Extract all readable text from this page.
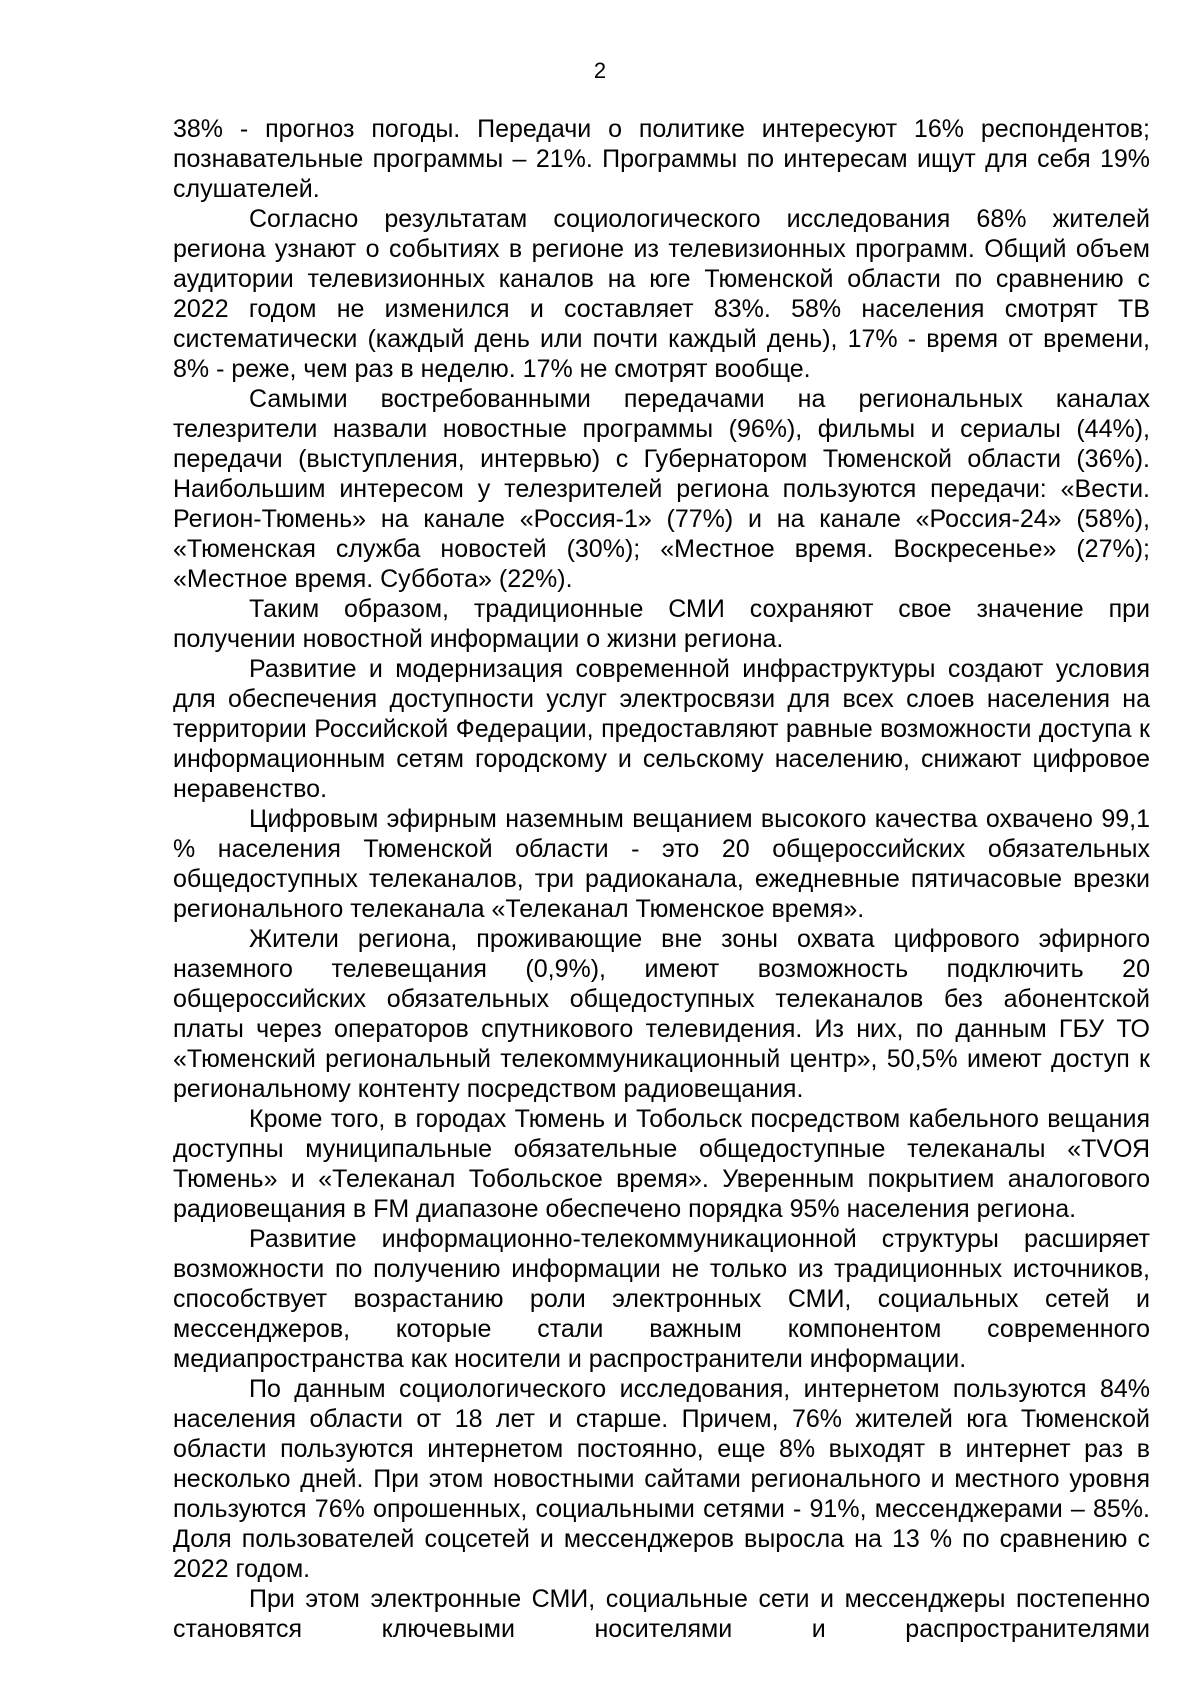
2

38% - прогноз погоды. Передачи о политике интересуют 16% респондентов; познавательные программы – 21%. Программы по интересам ищут для себя 19% слушателей.

Согласно результатам социологического исследования 68% жителей региона узнают о событиях в регионе из телевизионных программ. Общий объем аудитории телевизионных каналов на юге Тюменской области по сравнению с 2022 годом не изменился и составляет 83%. 58% населения смотрят ТВ систематически (каждый день или почти каждый день), 17% - время от времени, 8% - реже, чем раз в неделю. 17% не смотрят вообще.

Самыми востребованными передачами на региональных каналах телезрители назвали новостные программы (96%), фильмы и сериалы (44%), передачи (выступления, интервью) с Губернатором Тюменской области (36%). Наибольшим интересом у телезрителей региона пользуются передачи: «Вести. Регион-Тюмень» на канале «Россия-1» (77%) и на канале «Россия-24» (58%), «Тюменская служба новостей (30%); «Местное время. Воскресенье» (27%); «Местное время. Суббота» (22%).

Таким образом, традиционные СМИ сохраняют свое значение при получении новостной информации о жизни региона.

Развитие и модернизация современной инфраструктуры создают условия для обеспечения доступности услуг электросвязи для всех слоев населения на территории Российской Федерации, предоставляют равные возможности доступа к информационным сетям городскому и сельскому населению, снижают цифровое неравенство.

Цифровым эфирным наземным вещанием высокого качества охвачено 99,1 % населения Тюменской области - это 20 общероссийских обязательных общедоступных телеканалов, три радиоканала, ежедневные пятичасовые врезки регионального телеканала «Телеканал Тюменское время».

Жители региона, проживающие вне зоны охвата цифрового эфирного наземного телевещания (0,9%), имеют возможность подключить 20 общероссийских обязательных общедоступных телеканалов без абонентской платы через операторов спутникового телевидения. Из них, по данным ГБУ ТО «Тюменский региональный телекоммуникационный центр», 50,5% имеют доступ к региональному контенту посредством радиовещания.

Кроме того, в городах Тюмень и Тобольск посредством кабельного вещания доступны муниципальные обязательные общедоступные телеканалы «TVОЯ Тюмень» и «Телеканал Тобольское время». Уверенным покрытием аналогового радиовещания в FM диапазоне обеспечено порядка 95% населения региона.

Развитие информационно-телекоммуникационной структуры расширяет возможности по получению информации не только из традиционных источников, способствует возрастанию роли электронных СМИ, социальных сетей и мессенджеров, которые стали важным компонентом современного медиапространства как носители и распространители информации.

По данным социологического исследования, интернетом пользуются 84% населения области от 18 лет и старше. Причем, 76% жителей юга Тюменской области пользуются интернетом постоянно, еще 8% выходят в интернет раз в несколько дней. При этом новостными сайтами регионального и местного уровня пользуются 76% опрошенных, социальными сетями - 91%, мессенджерами – 85%. Доля пользователей соцсетей и мессенджеров выросла на 13 % по сравнению с 2022 годом.

При этом электронные СМИ, социальные сети и мессенджеры постепенно становятся ключевыми носителями и распространителями
